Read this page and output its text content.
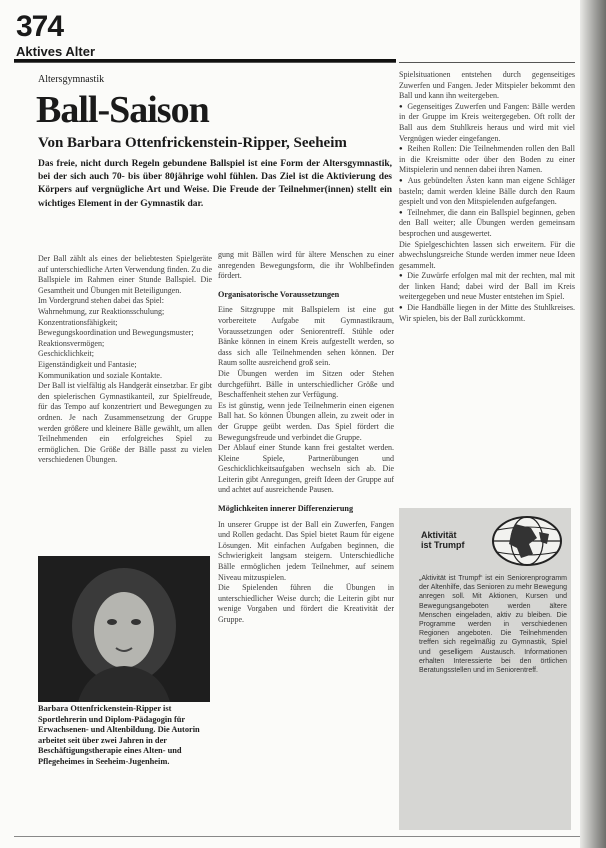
374
Aktives Alter
Altersgymnastik
Ball-Saison
Von Barbara Ottenfrickenstein-Ripper, Seeheim
Das freie, nicht durch Regeln gebundene Ballspiel ist eine Form der Altersgymnastik, bei der sich auch 70- bis über 80jährige wohl fühlen. Das Ziel ist die Aktivierung des Körpers auf vergnügliche Art und Weise. Die Freude der Teilnehmer(innen) stellt ein wichtiges Element in der Gymnastik dar.

Der Ball zählt als eines der beliebtesten Spielgeräte auf unterschiedliche Arten Verwendung finden. Zu die Ballspiele im Rahmen einer Stunde Ballspiel. Die Gesamtheit und Übungen mit Beteiligungen.

Im Vordergrund stehen dabei das Spiel:

Wahrnehmung, zur Reaktionsschulung;

Konzentrationsfähigkeit;

Bewegungskoordination und Bewegungsmuster;

Reaktionsvermögen;

Geschicklichkeit;

Eigenständigkeit und Fantasie;

Kommunikation und soziale Kontakte.

Der Ball ist vielfältig als Handgerät einsetzbar. Er gibt den spielerischen Gymnastikanteil, zur Spielfreude, für das Tempo auf konzentriert und Bewegungen zu ordnen. Je nach Zusammensetzung der Gruppe werden größere und kleinere Bälle gewählt, um allen Teilnehmenden ein erfolgreiches Spiel zu ermöglichen. Die Größe der Bälle passt zu vielen verschiedenen Übungen.

Barbara Ottenfrickenstein-Ripper ist Sportlehrerin und Diplom-Pädagogin für Erwachsenen- und Altenbildung. Die Autorin arbeitet seit über zwei Jahren in der Beschäftigungstherapie eines Alten- und Pflegeheimes in Seeheim-Jugenheim.

gung mit Bällen wird für ältere Menschen zu einer anregenden Bewegungsform, die ihr Wohlbefinden fördert.

Organisatorische Voraussetzungen

Eine Sitzgruppe mit Ballspielern ist eine gut vorbereitete Aufgabe mit Gymnastikraum, Voraussetzungen oder Seniorentreff. Stühle oder Bänke können in einem Kreis aufgestellt werden, so dass sich alle Teilnehmenden sehen können. Der Raum sollte ausreichend groß sein.

Die Übungen werden im Sitzen oder Stehen durchgeführt. Bälle in unterschiedlicher Größe und Beschaffenheit stehen zur Verfügung.

Es ist günstig, wenn jede Teilnehmerin einen eigenen Ball hat. So können Übungen allein, zu zweit oder in der Gruppe geübt werden. Das Spiel fördert die Bewegungsfreude und verbindet die Gruppe.

Der Ablauf einer Stunde kann frei gestaltet werden. Kleine Spiele, Partnerübungen und Geschicklichkeitsaufgaben wechseln sich ab. Die Leiterin gibt Anregungen, greift Ideen der Gruppe auf und achtet auf ausreichende Pausen.

Möglichkeiten innerer Differenzierung

In unserer Gruppe ist der Ball ein Zuwerfen, Fangen und Rollen gedacht. Das Spiel bietet Raum für eigene Lösungen. Mit einfachen Aufgaben beginnen, die Schwierigkeit langsam steigern. Unterschiedliche Bälle ermöglichen jedem Teilnehmer, auf seinem Niveau mitzuspielen.

Die Spielenden führen die Übungen in unterschiedlicher Weise durch; die Leiterin gibt nur wenige Vorgaben und fördert die Kreativität der Gruppe.

Spielsituationen entstehen durch gegenseitiges Zuwerfen und Fangen. Jeder Mitspieler bekommt den Ball und kann ihn weitergeben.

● Gegenseitiges Zuwerfen und Fangen: Bälle werden in der Gruppe im Kreis weitergegeben. Oft rollt der Ball aus dem Stuhlkreis heraus und wird mit viel Vergnügen wieder eingefangen.

● Reihen Rollen: Die Teilnehmenden rollen den Ball in die Kreismitte oder über den Boden zu einer Mitspielerin und nennen dabei ihren Namen.

● Aus gebündelten Ästen kann man eigene Schläger basteln; damit werden kleine Bälle durch den Raum gespielt und von den Mitspielenden aufgefangen.

● Teilnehmer, die dann ein Ballspiel beginnen, geben den Ball weiter; alle Übungen werden gemeinsam besprochen und ausgewertet.

Die Spielgeschichten lassen sich erweitern. Für die abwechslungsreiche Stunde werden immer neue Ideen gesammelt.

● Die Zuwürfe erfolgen mal mit der rechten, mal mit der linken Hand; dabei wird der Ball im Kreis weitergegeben und neue Muster entstehen im Spiel.

● Die Handbälle liegen in der Mitte des Stuhlkreises. Wir spielen, bis der Ball zurückkommt.

Aktivität
ist Trumpf
„Aktivität ist Trumpf“ ist ein Seniorenprogramm der Altenhilfe, das Senioren zu mehr Bewegung anregen soll. Mit Aktionen, Kursen und Bewegungsangeboten werden ältere Menschen eingeladen, aktiv zu bleiben. Die Programme werden in verschiedenen Regionen angeboten. Die Teilnehmenden treffen sich regelmäßig zu Gymnastik, Spiel und geselligem Austausch. Informationen erhalten Interessierte bei den örtlichen Beratungsstellen und im Seniorentreff.
